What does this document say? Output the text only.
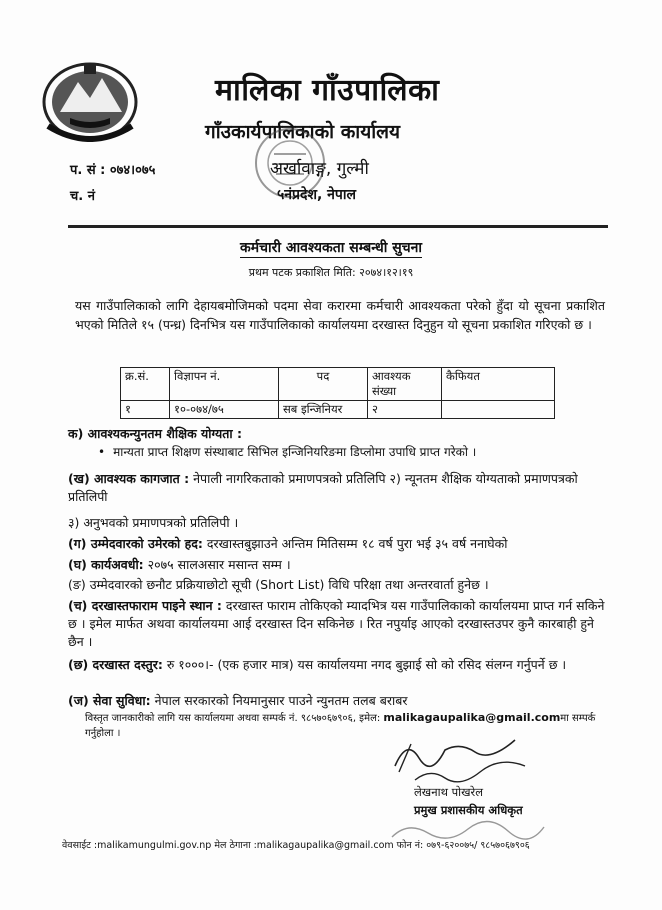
मालिका गाँउपालिका
गाँउकार्यपालिकाको कार्यालय
अर्खावाङ्ग, गुल्मी
५नंप्रदेश, नेपाल
प. सं : ०७४।०७५
च. नं
कर्मचारी आवश्यकता सम्बन्धी सुचना
प्रथम पटक प्रकाशित मिति: २०७४।१२।१९
यस गाउँपालिकाको लागि देहायबमोजिमको पदमा सेवा करारमा कर्मचारी आवश्यकता परेको हुँदा यो सूचना प्रकाशित भएको मितिले १५ (पन्ध्र) दिनभित्र यस गाउँपालिकाको कार्यालयमा दरखास्त दिनुहुन यो सूचना प्रकाशित गरिएको छ ।
क्र.सं.	विज्ञापन नं.	पद	आवश्यक संख्या	कैफियत
१	१०-०७४/७५	सब इन्जिनियर	२	
क) आवश्यकन्युनतम शैक्षिक योग्यता :
• मान्यता प्राप्त शिक्षण संस्थाबाट सिभिल इन्जिनियरिङमा डिप्लोमा उपाधि प्राप्त गरेको ।
(ख) आवश्यक कागजात : नेपाली नागरिकताको प्रमाणपत्रको प्रतिलिपि २) न्यूनतम शैक्षिक योग्यताको प्रमाणपत्रको प्रतिलिपी
३) अनुभवको प्रमाणपत्रको प्रतिलिपी ।
(ग) उम्मेदवारको उमेरको हद: दरखास्तबुझाउने अन्तिम मितिसम्म १८ वर्ष पुरा भई ३५ वर्ष ननाघेको
(घ) कार्यअवधी: २०७५ सालअसार मसान्त सम्म ।
(ङ) उम्मेदवारको छनौट प्रक्रियाछोटो सूची (Short List) विधि परिक्षा तथा अन्तरवार्ता हुनेछ ।
(च) दरखास्तफाराम पाइने स्थान : दरखास्त फाराम तोकिएको म्यादभित्र यस गाउँपालिकाको कार्यालयमा प्राप्त गर्न सकिने छ । इमेल मार्फत अथवा कार्यालयमा आई दरखास्त दिन सकिनेछ । रित नपुर्याइ आएको दरखास्तउपर कुनै कारबाही हुने छैन ।
(छ) दरखास्त दस्तुर: रु १०००।- (एक हजार मात्र) यस कार्यालयमा नगद बुझाई सो को रसिद संलग्न गर्नुपर्ने छ ।
(ज) सेवा सुविधा: नेपाल सरकारको नियमानुसार पाउने न्युनतम तलब बराबर
विस्तृत जानकारीको लागि यस कार्यालयमा अथवा सम्पर्क नं. ९८५७०६७९०६, इमेल: malikagaupalika@gmail.comमा सम्पर्क गर्नुहोला ।
लेखनाथ पोखरेल
प्रमुख प्रशासकीय अधिकृत
वेवसाईट :malikamungulmi.gov.np मेल ठेगाना :malikagaupalika@gmail.com फोन नं: ०७९-६२००७५/ ९८५७०६७९०६
